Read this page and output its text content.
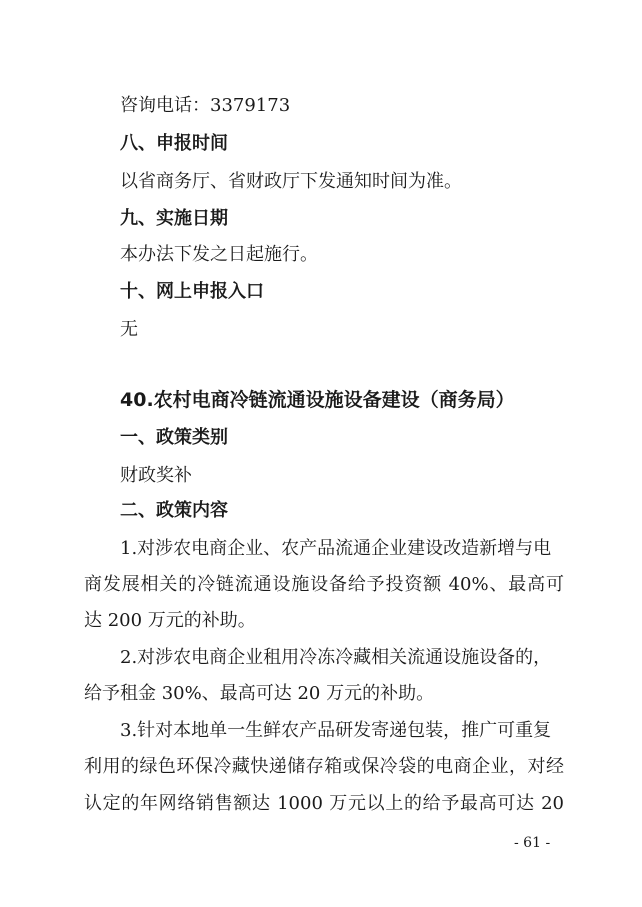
咨询电话：3379173
八、申报时间
以省商务厅、省财政厅下发通知时间为准。
九、实施日期
本办法下发之日起施行。
十、网上申报入口
无
40.农村电商冷链流通设施设备建设（商务局）
一、政策类别
财政奖补
二、政策内容
1.对涉农电商企业、农产品流通企业建设改造新增与电
商发展相关的冷链流通设施设备给予投资额 40%、最高可
达 200 万元的补助。
2.对涉农电商企业租用冷冻冷藏相关流通设施设备的，
给予租金 30%、最高可达 20 万元的补助。
3.针对本地单一生鲜农产品研发寄递包装，推广可重复
利用的绿色环保冷藏快递储存箱或保冷袋的电商企业，对经
认定的年网络销售额达 1000 万元以上的给予最高可达 20
- 61 -
